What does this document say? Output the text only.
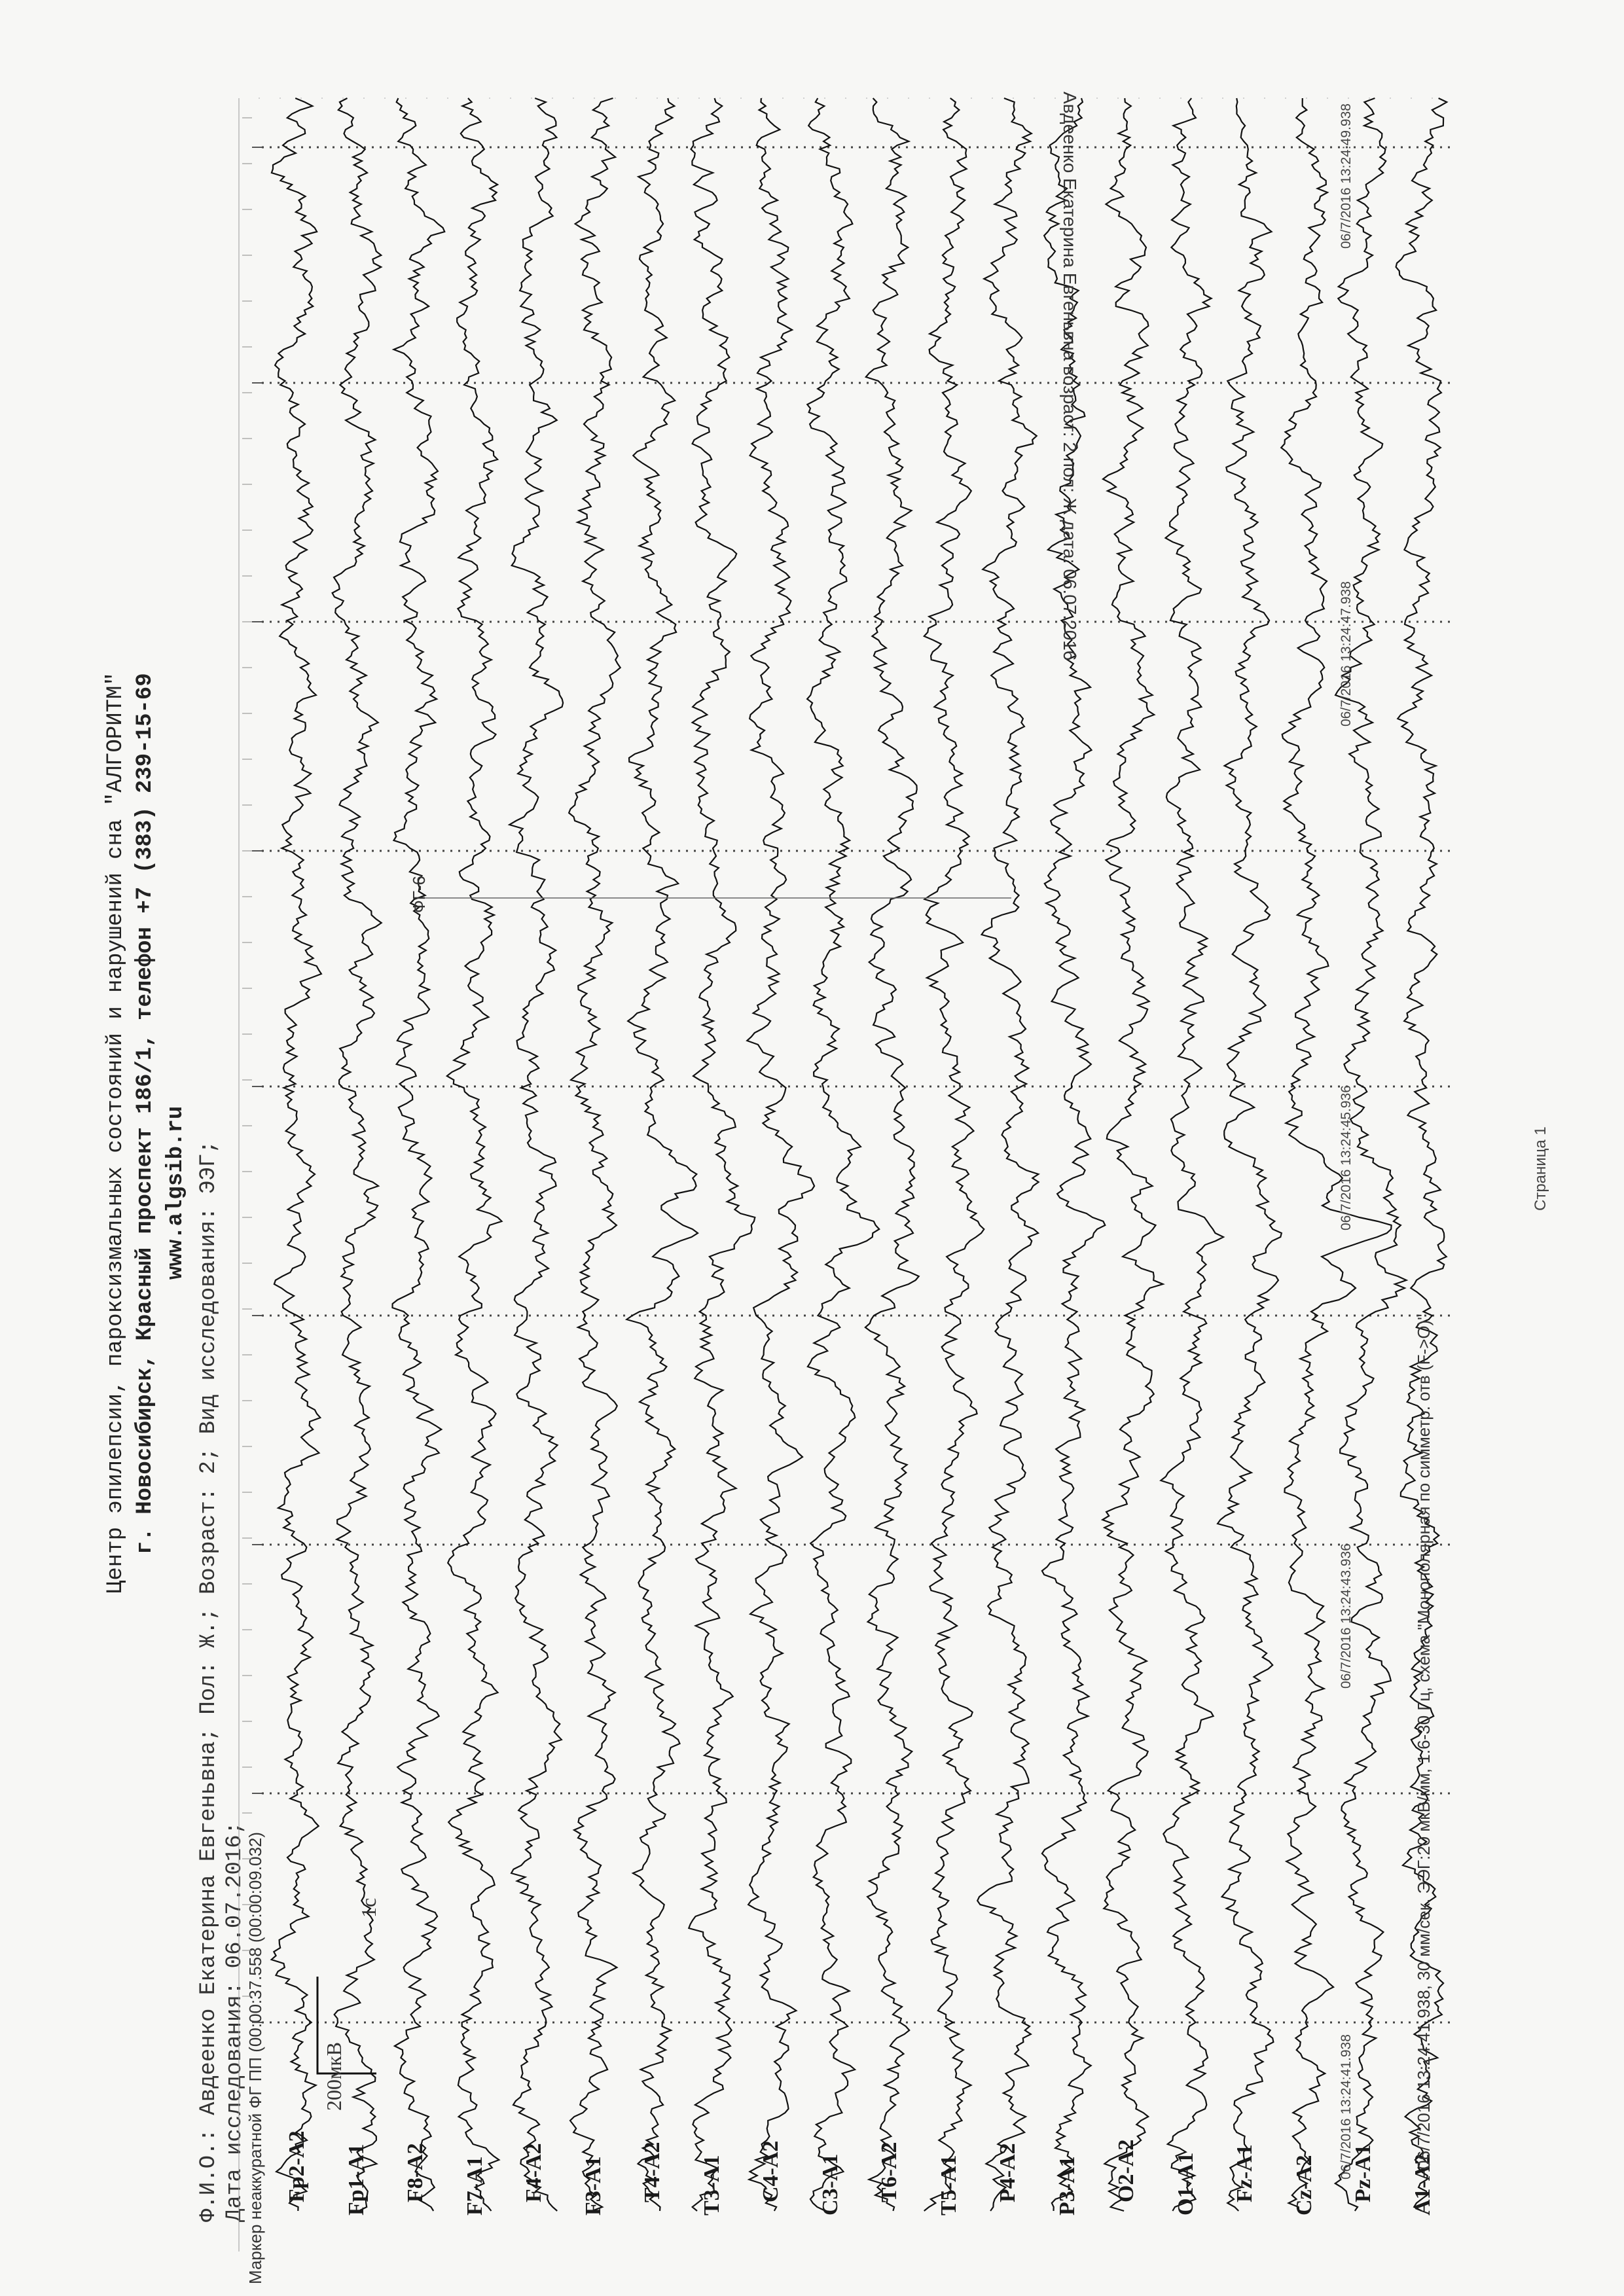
Центр эпилепсии, пароксизмальных состояний и нарушений сна "АЛГОРИТМ" г. Новосибирск, Красный проспект 186/1, телефон +7 (383) 239-15-69 www.algsib.ru Ф.И.О.: Авдеенко Екатерина Евгеньвна; Пол: Ж.; Возраст: 2; Вид исследования: ЭЭГ; Дата исследования: 06.07.2016;
Маркер неаккуратной ФГ ПП (00:00:37.558 (00:00:09.032) Fp2-A2 Fp1-A1 F8-A2 F7-A1 F4-A2 F3-A1 T4-A2 T3-A1 C4-A2 C3-A1 T6-A2 T5-A1 P4-A2 P3-A1 O2-A2 O1-A1 Fz-A1 Cz-A2 Pz-A1 A1-A2
06/7/2016 13:24:41.938
06/7/2016 13:24:43.936
06/7/2016 13:24:45.936
06/7/2016 13:24:47.938
06/7/2016 13:24:49.938
200мкВ
1с
ФГ-6
06/7/2016 13:24:41.938, 30 мм/сек. ЭЭГ:20 мкВ/мм, 1.6-30 Гц, схема "Монополярная по симметр. отв (F->O)"
Авдеенко Екатерина Евгеньвна возраст: 2 пол: Ж дата: 06.07.2016
Страница 1
